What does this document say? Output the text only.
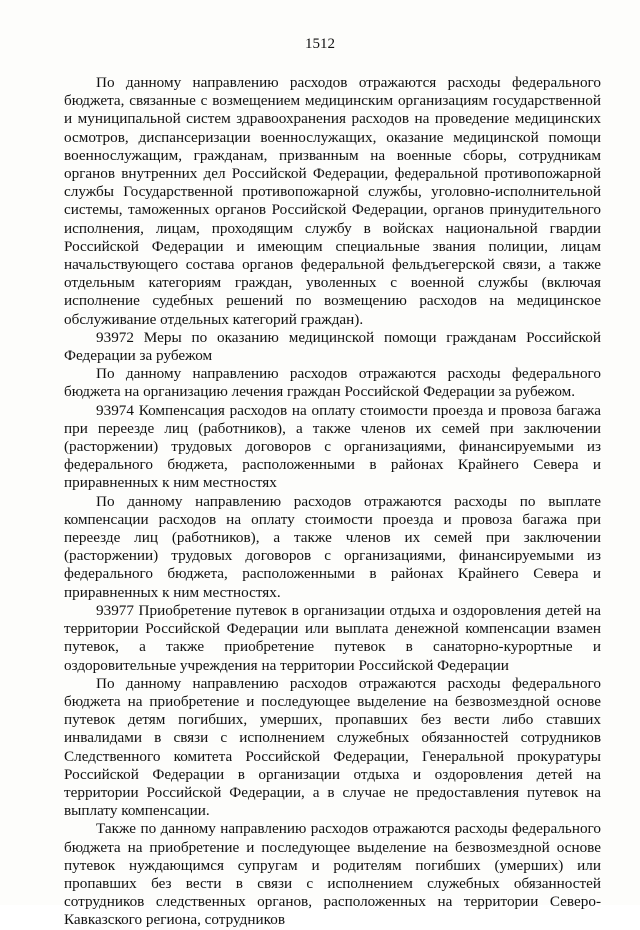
1512

По данному направлению расходов отражаются расходы федерального бюджета, связанные с возмещением медицинским организациям государственной и муниципальной систем здравоохранения расходов на проведение медицинских осмотров, диспансеризации военнослужащих, оказание медицинской помощи военнослужащим, гражданам, призванным на военные сборы, сотрудникам органов внутренних дел Российской Федерации, федеральной противопожарной службы Государственной противопожарной службы, уголовно-исполнительной системы, таможенных органов Российской Федерации, органов принудительного исполнения, лицам, проходящим службу в войсках национальной гвардии Российской Федерации и имеющим специальные звания полиции, лицам начальствующего состава органов федеральной фельдъегерской связи, а также отдельным категориям граждан, уволенных с военной службы (включая исполнение судебных решений по возмещению расходов на медицинское обслуживание отдельных категорий граждан).

93972 Меры по оказанию медицинской помощи гражданам Российской Федерации за рубежом

По данному направлению расходов отражаются расходы федерального бюджета на организацию лечения граждан Российской Федерации за рубежом.

93974 Компенсация расходов на оплату стоимости проезда и провоза багажа при переезде лиц (работников), а также членов их семей при заключении (расторжении) трудовых договоров с организациями, финансируемыми из федерального бюджета, расположенными в районах Крайнего Севера и приравненных к ним местностях

По данному направлению расходов отражаются расходы по выплате компенсации расходов на оплату стоимости проезда и провоза багажа при переезде лиц (работников), а также членов их семей при заключении (расторжении) трудовых договоров с организациями, финансируемыми из федерального бюджета, расположенными в районах Крайнего Севера и приравненных к ним местностях.

93977 Приобретение путевок в организации отдыха и оздоровления детей на территории Российской Федерации или выплата денежной компенсации взамен путевок, а также приобретение путевок в санаторно-курортные и оздоровительные учреждения на территории Российской Федерации

По данному направлению расходов отражаются расходы федерального бюджета на приобретение и последующее выделение на безвозмездной основе путевок детям погибших, умерших, пропавших без вести либо ставших инвалидами в связи с исполнением служебных обязанностей сотрудников Следственного комитета Российской Федерации, Генеральной прокуратуры Российской Федерации в организации отдыха и оздоровления детей на территории Российской Федерации, а в случае не предоставления путевок на выплату компенсации.

Также по данному направлению расходов отражаются расходы федерального бюджета на приобретение и последующее выделение на безвозмездной основе путевок нуждающимся супругам и родителям погибших (умерших) или пропавших без вести в связи с исполнением служебных обязанностей сотрудников следственных органов, расположенных на территории Северо-Кавказского региона, сотрудников
